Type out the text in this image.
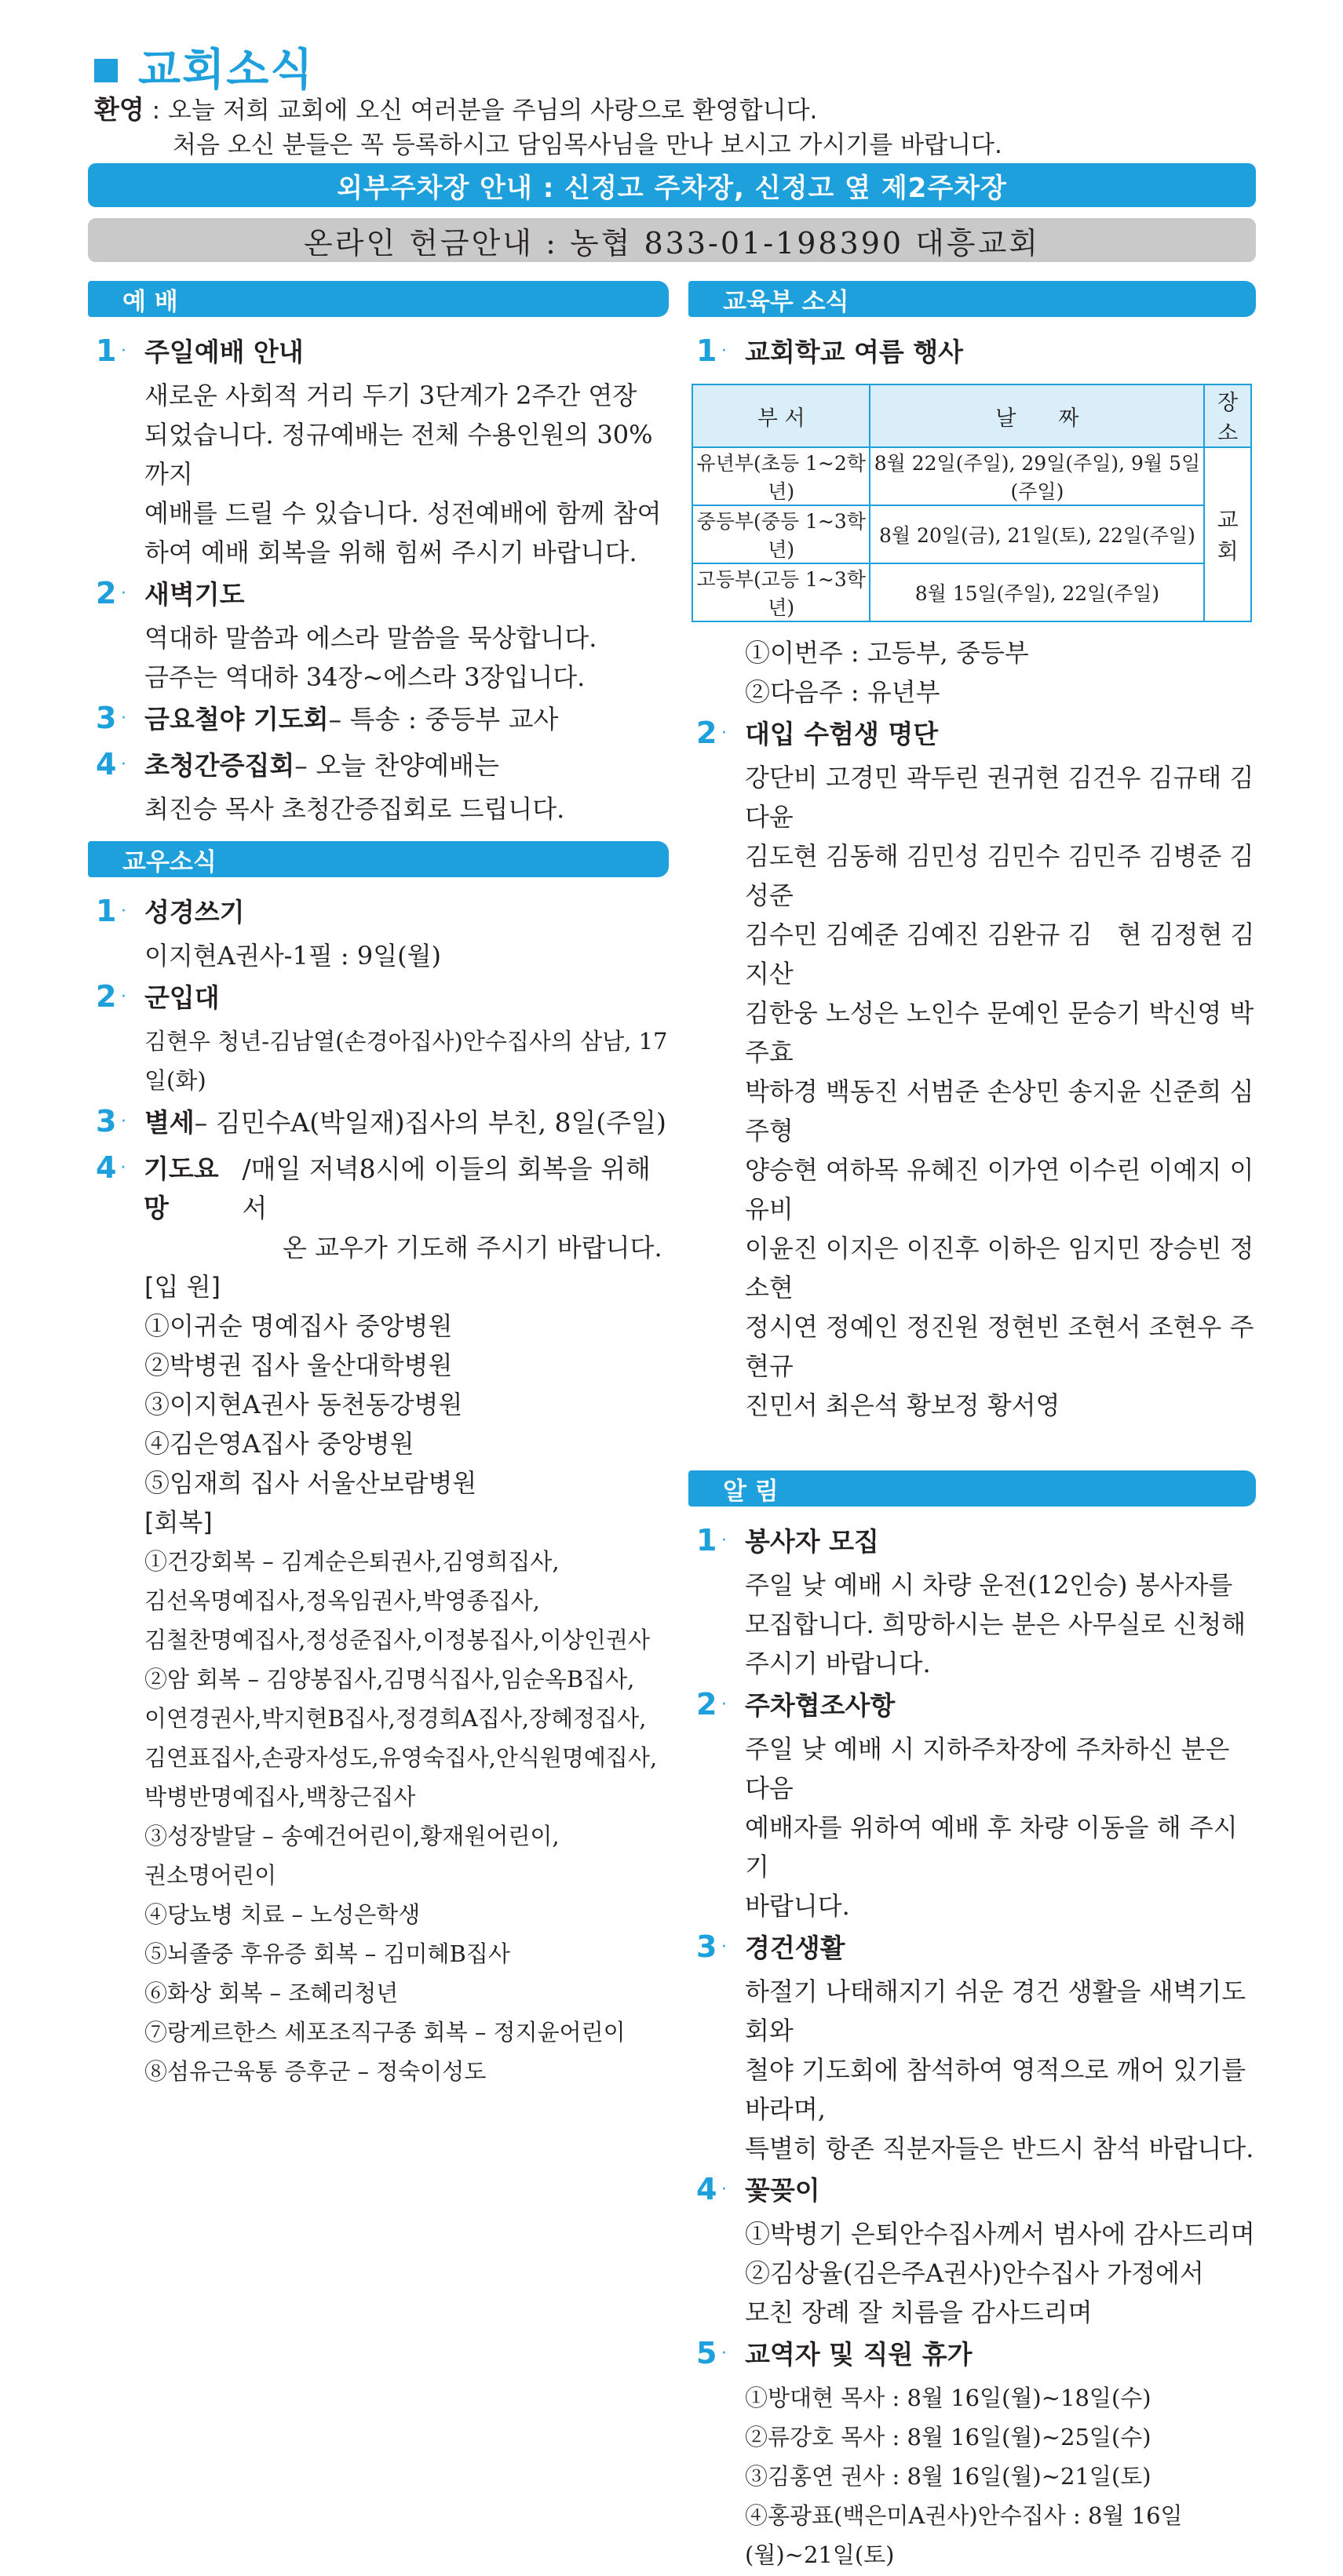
교회소식
환영 : 오늘 저희 교회에 오신 여러분을 주님의 사랑으로 환영합니다.
처음 오신 분들은 꼭 등록하시고 담임목사님을 만나 보시고 가시기를 바랍니다.
외부주차장 안내 : 신정고 주차장, 신정고 옆 제2주차장
온라인 헌금안내 : 농협 833-01-198390 대흥교회
예 배
1 · 주일예배 안내
새로운 사회적 거리 두기 3단계가 2주간 연장
되었습니다. 정규예배는 전체 수용인원의 30%까지
예배를 드릴 수 있습니다. 성전예배에 함께 참여
하여 예배 회복을 위해 힘써 주시기 바랍니다.
2 · 새벽기도
역대하 말씀과 에스라 말씀을 묵상합니다.
금주는 역대하 34장~에스라 3장입니다.
3 · 금요철야 기도회 – 특송 : 중등부 교사
4 · 초청간증집회 – 오늘 찬양예배는
최진승 목사 초청간증집회로 드립니다.
교우소식
1 · 성경쓰기
이지현A권사-1필 : 9일(월)
2 · 군입대
김현우 청년-김남열(손경아집사)안수집사의 삼남, 17일(화)
3 · 별세 – 김민수A(박일재)집사의 부친, 8일(주일)
4 · 기도요망
/매일 저녁8시에 이들의 회복을 위해서
온 교우가 기도해 주시기 바랍니다.
[입 원]
①이귀순 명예집사 중앙병원
②박병권 집사 울산대학병원
③이지현A권사 동천동강병원
④김은영A집사 중앙병원
⑤임재희 집사 서울산보람병원
[회복]
①건강회복 – 김계순은퇴권사,김영희집사,
김선옥명예집사,정옥임권사,박영종집사,
김철찬명예집사,정성준집사,이정봉집사,이상인권사
②암 회복 – 김양봉집사,김명식집사,임순옥B집사,
이연경권사,박지현B집사,정경희A집사,장혜정집사,
김연표집사,손광자성도,유영숙집사,안식원명예집사,
박병반명예집사,백창근집사
③성장발달 – 송예건어린이,황재원어린이,
권소명어린이
④당뇨병 치료 – 노성은학생
⑤뇌졸중 후유증 회복 – 김미혜B집사
⑥화상 회복 – 조혜리청년
⑦랑게르한스 세포조직구종 회복 – 정지윤어린이
⑧섬유근육통 증후군 – 정숙이성도
교육부 소식
1 · 교회학교 여름 행사
부 서	날　　짜	장소
유년부(초등 1~2학년)	8월 22일(주일), 29일(주일), 9월 5일(주일)	교회
중등부(중등 1~3학년)	8월 20일(금), 21일(토), 22일(주일)	
고등부(고등 1~3학년)	8월 15일(주일), 22일(주일)	
①이번주 : 고등부, 중등부
②다음주 : 유년부
2 · 대입 수험생 명단
강단비 고경민 곽두린 권귀현 김건우 김규태 김다윤
김도현 김동해 김민성 김민수 김민주 김병준 김성준
김수민 김예준 김예진 김완규 김　현 김정현 김지산
김한웅 노성은 노인수 문예인 문승기 박신영 박주효
박하경 백동진 서범준 손상민 송지윤 신준희 심주형
양승현 여하목 유혜진 이가연 이수린 이예지 이유비
이윤진 이지은 이진후 이하은 임지민 장승빈 정소현
정시연 정예인 정진원 정현빈 조현서 조현우 주현규
진민서 최은석 황보정 황서영
알 림
1 · 봉사자 모집
주일 낮 예배 시 차량 운전(12인승) 봉사자를
모집합니다. 희망하시는 분은 사무실로 신청해
주시기 바랍니다.
2 · 주차협조사항
주일 낮 예배 시 지하주차장에 주차하신 분은 다음
예배자를 위하여 예배 후 차량 이동을 해 주시기
바랍니다.
3 · 경건생활
하절기 나태해지기 쉬운 경건 생활을 새벽기도회와
철야 기도회에 참석하여 영적으로 깨어 있기를 바라며,
특별히 항존 직분자들은 반드시 참석 바랍니다.
4 · 꽃꽂이
①박병기 은퇴안수집사께서 범사에 감사드리며
②김상율(김은주A권사)안수집사 가정에서
모친 장례 잘 치름을 감사드리며
5 · 교역자 및 직원 휴가
①방대현 목사 : 8월 16일(월)~18일(수)
②류강호 목사 : 8월 16일(월)~25일(수)
③김홍연 권사 : 8월 16일(월)~21일(토)
④홍광표(백은미A권사)안수집사 : 8월 16일(월)~21일(토)
